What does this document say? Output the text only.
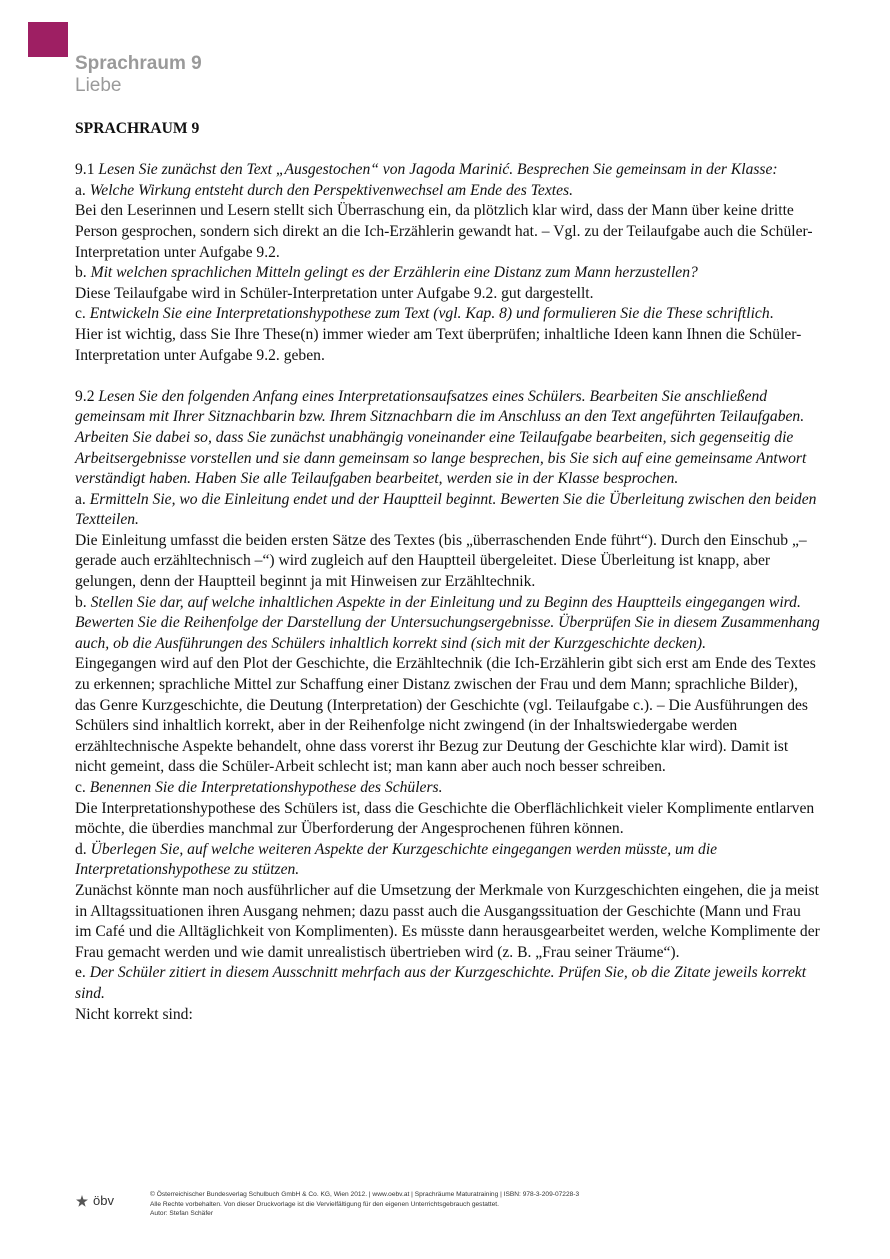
Sprachraum 9
Liebe

SPRACHRAUM 9

9.1 Lesen Sie zunächst den Text „Ausgestochen“ von Jagoda Marinić. Besprechen Sie gemeinsam in der Klasse:

a. Welche Wirkung entsteht durch den Perspektivenwechsel am Ende des Textes.

Bei den Leserinnen und Lesern stellt sich Überraschung ein, da plötzlich klar wird, dass der Mann über keine dritte Person gesprochen, sondern sich direkt an die Ich-Erzählerin gewandt hat. – Vgl. zu der Teilaufgabe auch die Schüler-Interpretation unter Aufgabe 9.2.

b. Mit welchen sprachlichen Mitteln gelingt es der Erzählerin eine Distanz zum Mann herzustellen?

Diese Teilaufgabe wird in Schüler-Interpretation unter Aufgabe 9.2. gut dargestellt.

c. Entwickeln Sie eine Interpretationshypothese zum Text (vgl. Kap. 8) und formulieren Sie die These schriftlich.

Hier ist wichtig, dass Sie Ihre These(n) immer wieder am Text überprüfen; inhaltliche Ideen kann Ihnen die Schüler-Interpretation unter Aufgabe 9.2. geben.

9.2 Lesen Sie den folgenden Anfang eines Interpretationsaufsatzes eines Schülers. Bearbeiten Sie anschließend gemeinsam mit Ihrer Sitznachbarin bzw. Ihrem Sitznachbarn die im Anschluss an den Text angeführten Teilaufgaben. Arbeiten Sie dabei so, dass Sie zunächst unabhängig voneinander eine Teilaufgabe bearbeiten, sich gegenseitig die Arbeitsergebnisse vorstellen und sie dann gemeinsam so lange besprechen, bis Sie sich auf eine gemeinsame Antwort verständigt haben. Haben Sie alle Teilaufgaben bearbeitet, werden sie in der Klasse besprochen.

a. Ermitteln Sie, wo die Einleitung endet und der Hauptteil beginnt. Bewerten Sie die Überleitung zwischen den beiden Textteilen.

Die Einleitung umfasst die beiden ersten Sätze des Textes (bis „überraschenden Ende führt“). Durch den Einschub „– gerade auch erzähltechnisch –“) wird zugleich auf den Hauptteil übergeleitet. Diese Überleitung ist knapp, aber gelungen, denn der Hauptteil beginnt ja mit Hinweisen zur Erzähltechnik.

b. Stellen Sie dar, auf welche inhaltlichen Aspekte in der Einleitung und zu Beginn des Hauptteils eingegangen wird. Bewerten Sie die Reihenfolge der Darstellung der Untersuchungsergebnisse. Überprüfen Sie in diesem Zusammenhang auch, ob die Ausführungen des Schülers inhaltlich korrekt sind (sich mit der Kurzgeschichte decken).

Eingegangen wird auf den Plot der Geschichte, die Erzähltechnik (die Ich-Erzählerin gibt sich erst am Ende des Textes zu erkennen; sprachliche Mittel zur Schaffung einer Distanz zwischen der Frau und dem Mann; sprachliche Bilder), das Genre Kurzgeschichte, die Deutung (Interpretation) der Geschichte (vgl. Teilaufgabe c.). – Die Ausführungen des Schülers sind inhaltlich korrekt, aber in der Reihenfolge nicht zwingend (in der Inhaltswiedergabe werden erzähltechnische Aspekte behandelt, ohne dass vorerst ihr Bezug zur Deutung der Geschichte klar wird). Damit ist nicht gemeint, dass die Schüler-Arbeit schlecht ist; man kann aber auch noch besser schreiben.

c. Benennen Sie die Interpretationshypothese des Schülers.

Die Interpretationshypothese des Schülers ist, dass die Geschichte die Oberflächlichkeit vieler Komplimente entlarven möchte, die überdies manchmal zur Überforderung der Angesprochenen führen können.

d. Überlegen Sie, auf welche weiteren Aspekte der Kurzgeschichte eingegangen werden müsste, um die Interpretationshypothese zu stützen.

Zunächst könnte man noch ausführlicher auf die Umsetzung der Merkmale von Kurzgeschichten eingehen, die ja meist in Alltagssituationen ihren Ausgang nehmen; dazu passt auch die Ausgangssituation der Geschichte (Mann und Frau im Café und die Alltäglichkeit von Komplimenten). Es müsste dann herausgearbeitet werden, welche Komplimente der Frau gemacht werden und wie damit unrealistisch übertrieben wird (z. B. „Frau seiner Träume“).

e. Der Schüler zitiert in diesem Ausschnitt mehrfach aus der Kurzgeschichte. Prüfen Sie, ob die Zitate jeweils korrekt sind.

Nicht korrekt sind:

öbv	© Österreichischer Bundesverlag Schulbuch GmbH & Co. KG, Wien 2012. | www.oebv.at | Sprachräume Maturatraining | ISBN: 978-3-209-07228-3
Alle Rechte vorbehalten. Von dieser Druckvorlage ist die Vervielfältigung für den eigenen Unterrichtsgebrauch gestattet.
Autor: Stefan Schäfer
